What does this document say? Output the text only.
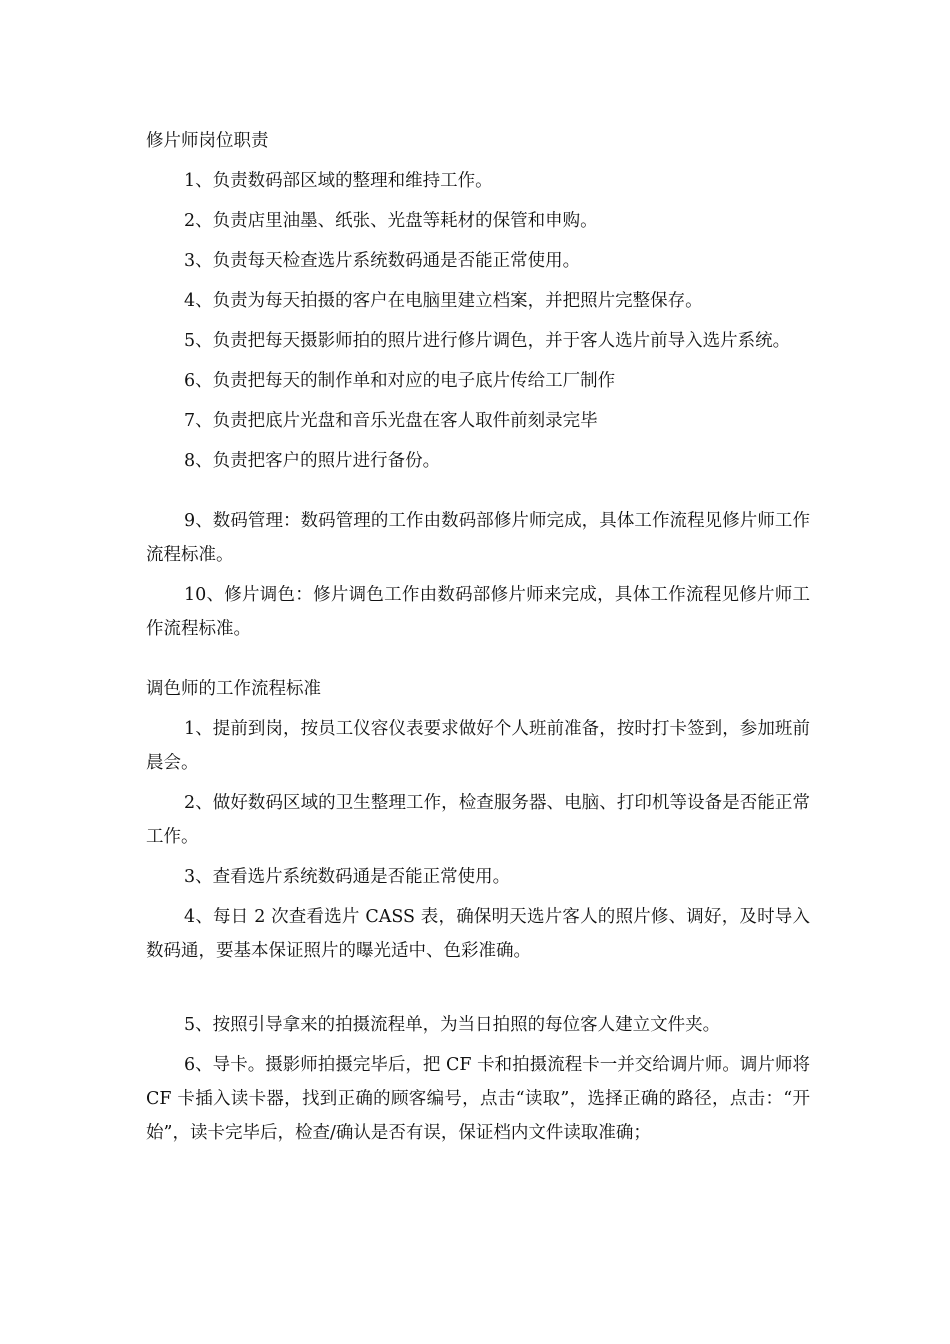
修片师岗位职责

1、负责数码部区域的整理和维持工作。

2、负责店里油墨、纸张、光盘等耗材的保管和申购。

3、负责每天检查选片系统数码通是否能正常使用。

4、负责为每天拍摄的客户在电脑里建立档案，并把照片完整保存。

5、负责把每天摄影师拍的照片进行修片调色，并于客人选片前导入选片系统。

6、负责把每天的制作单和对应的电子底片传给工厂制作

7、负责把底片光盘和音乐光盘在客人取件前刻录完毕

8、负责把客户的照片进行备份。

9、数码管理：数码管理的工作由数码部修片师完成，具体工作流程见修片师工作流程标准。

10、修片调色：修片调色工作由数码部修片师来完成，具体工作流程见修片师工作流程标准。

调色师的工作流程标准

1、提前到岗，按员工仪容仪表要求做好个人班前准备，按时打卡签到，参加班前晨会。

2、做好数码区域的卫生整理工作，检查服务器、电脑、打印机等设备是否能正常工作。

3、查看选片系统数码通是否能正常使用。

4、每日 2 次查看选片 CASS 表，确保明天选片客人的照片修、调好，及时导入数码通，要基本保证照片的曝光适中、色彩准确。

5、按照引导拿来的拍摄流程单，为当日拍照的每位客人建立文件夹。

6、导卡。摄影师拍摄完毕后，把 CF 卡和拍摄流程卡一并交给调片师。调片师将 CF 卡插入读卡器，找到正确的顾客编号，点击“读取”，选择正确的路径，点击：“开始”，读卡完毕后，检查/确认是否有误，保证档内文件读取准确；
